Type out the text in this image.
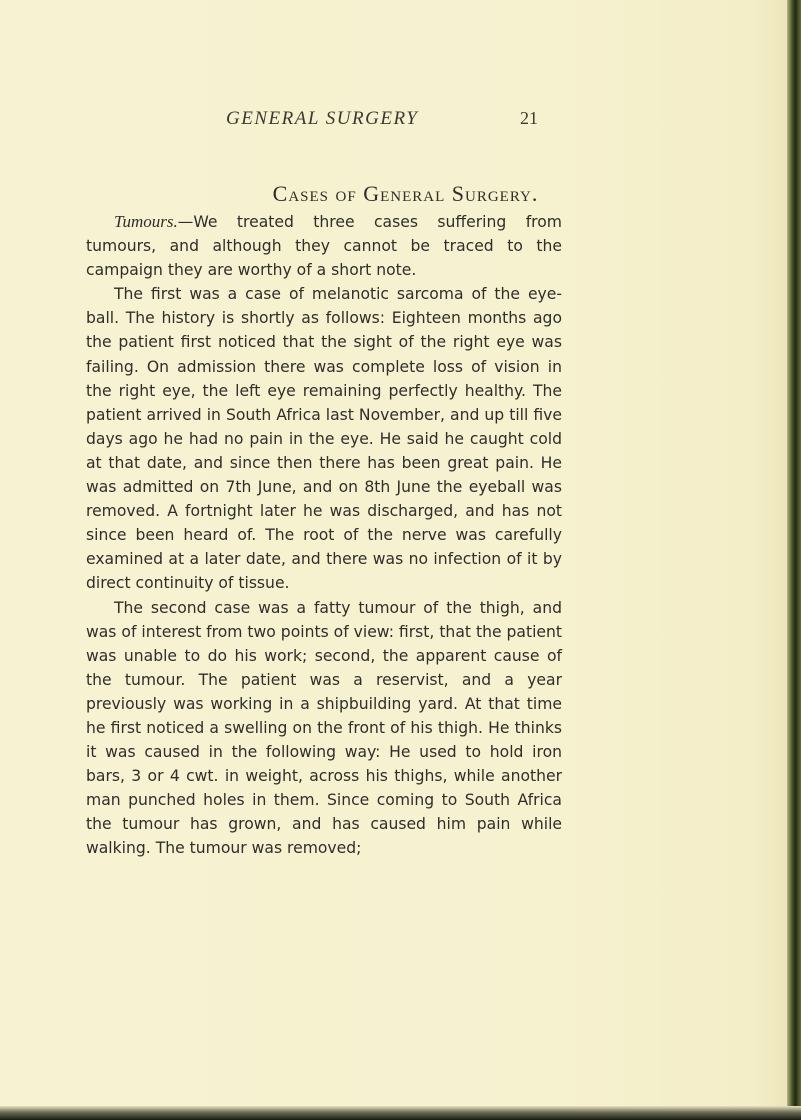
GENERAL SURGERY	21
Cases of General Surgery.

Tumours.—We treated three cases suffering from tumours, and although they cannot be traced to the campaign they are worthy of a short note.

The first was a case of melanotic sarcoma of the eye-ball. The history is shortly as follows: Eighteen months ago the patient first noticed that the sight of the right eye was failing. On admission there was complete loss of vision in the right eye, the left eye remaining perfectly healthy. The patient arrived in South Africa last November, and up till five days ago he had no pain in the eye. He said he caught cold at that date, and since then there has been great pain. He was admitted on 7th June, and on 8th June the eyeball was removed. A fortnight later he was discharged, and has not since been heard of. The root of the nerve was carefully examined at a later date, and there was no infection of it by direct continuity of tissue.

The second case was a fatty tumour of the thigh, and was of interest from two points of view: first, that the patient was unable to do his work; second, the apparent cause of the tumour. The patient was a reservist, and a year previously was working in a shipbuilding yard. At that time he first noticed a swelling on the front of his thigh. He thinks it was caused in the following way: He used to hold iron bars, 3 or 4 cwt. in weight, across his thighs, while another man punched holes in them. Since coming to South Africa the tumour has grown, and has caused him pain while walking. The tumour was removed;
